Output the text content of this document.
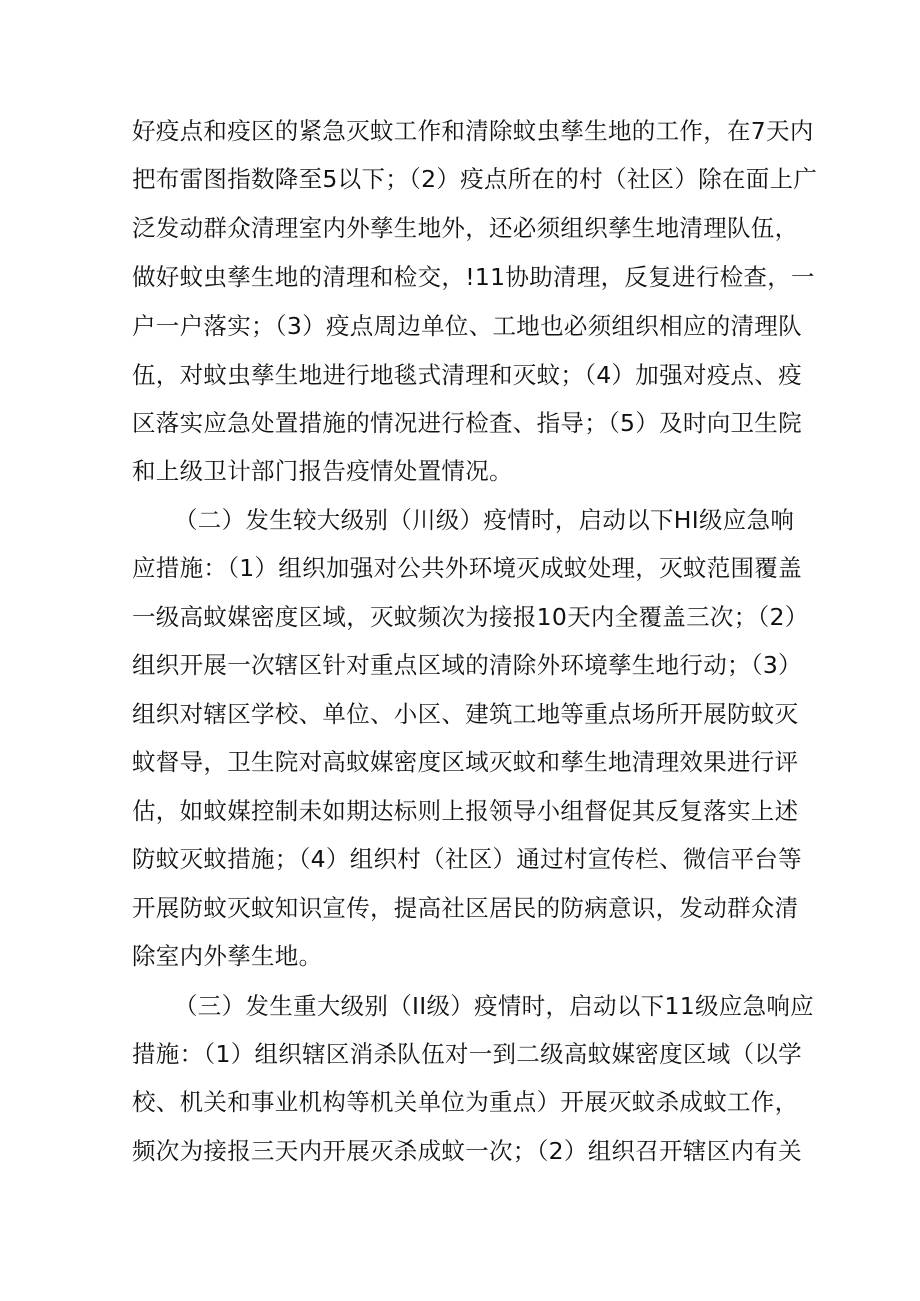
好疫点和疫区的紧急灭蚊工作和清除蚊虫孳生地的工作，在7天内
把布雷图指数降至5以下；（2）疫点所在的村（社区）除在面上广
泛发动群众清理室内外孳生地外，还必须组织孳生地清理队伍，
做好蚊虫孳生地的清理和检交，!11协助清理，反复进行检查，一
户一户落实；（3）疫点周边单位、工地也必须组织相应的清理队
伍，对蚊虫孳生地进行地毯式清理和灭蚊；（4）加强对疫点、疫
区落实应急处置措施的情况进行检査、指导；（5）及时向卫生院
和上级卫计部门报告疫情处置情况。
（二）发生较大级别（川级）疫情时，启动以下HI级应急响
应措施：（1）组织加强对公共外环境灭成蚊处理，灭蚊范围覆盖
一级高蚊媒密度区域，灭蚊频次为接报10天内全覆盖三次；（2）
组织开展一次辖区针对重点区域的清除外环境孳生地行动；（3）
组织对辖区学校、单位、小区、建筑工地等重点场所开展防蚊灭
蚊督导，卫生院对高蚊媒密度区域灭蚊和孳生地清理效果进行评
估，如蚊媒控制未如期达标则上报领导小组督促其反复落实上述
防蚊灭蚊措施；（4）组织村（社区）通过村宣传栏、微信平台等
开展防蚊灭蚊知识宣传，提高社区居民的防病意识，发动群众清
除室内外孳生地。
（三）发生重大级别（II级）疫情时，启动以下11级应急响应
措施：（1）组织辖区消杀队伍对一到二级高蚊媒密度区域（以学
校、机关和事业机构等机关单位为重点）开展灭蚊杀成蚊工作，
频次为接报三天内开展灭杀成蚊一次；（2）组织召开辖区内有关
